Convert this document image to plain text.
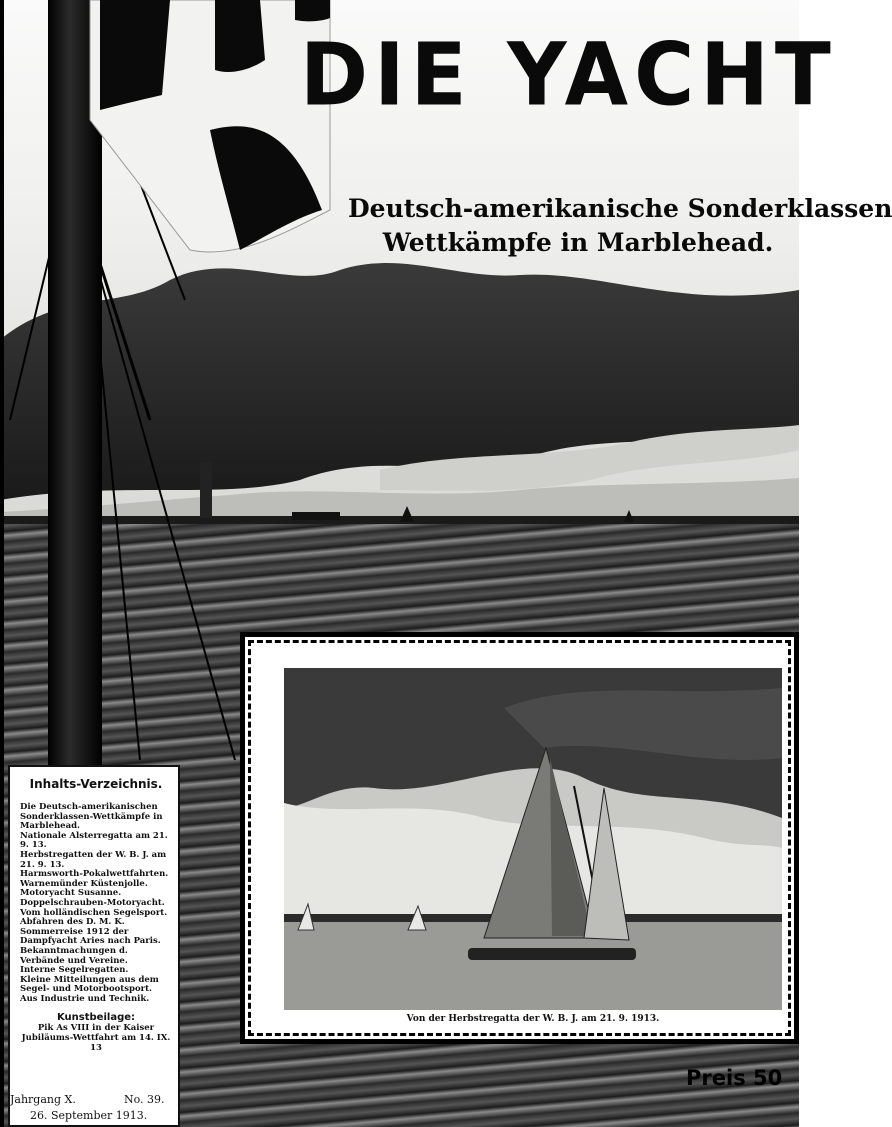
DIE YACHT
Deutsch-amerikanische Sonderklassen
Wettkämpfe in Marblehead.
Von der Herbstregatta der W. B. J. am 21. 9. 1913.
Inhalts-Verzeichnis.
Die Deutsch-amerikanischen Sonderklassen-Wettkämpfe in Marblehead.
Nationale Alsterregatta am 21. 9. 13.
Herbstregatten der W. B. J. am 21. 9. 13.
Harmsworth-Pokalwettfahrten.
Warnemünder Küstenjolle.
Motoryacht Susanne.
Doppelschrauben-Motoryacht.
Vom holländischen Segelsport.
Abfahren des D. M. K.
Sommerreise 1912 der Dampfyacht Aries nach Paris.
Bekanntmachungen d. Verbände und Vereine.
Interne Segelregatten.
Kleine Mitteilungen aus dem Segel- und Motorbootsport.
Aus Industrie und Technik.
Kunstbeilage:
Pik As VIII in der Kaiser Jubiläums-Wettfahrt am 14. IX. 13
Jahrgang X.	No. 39.
26. September 1913.
Preis 50
